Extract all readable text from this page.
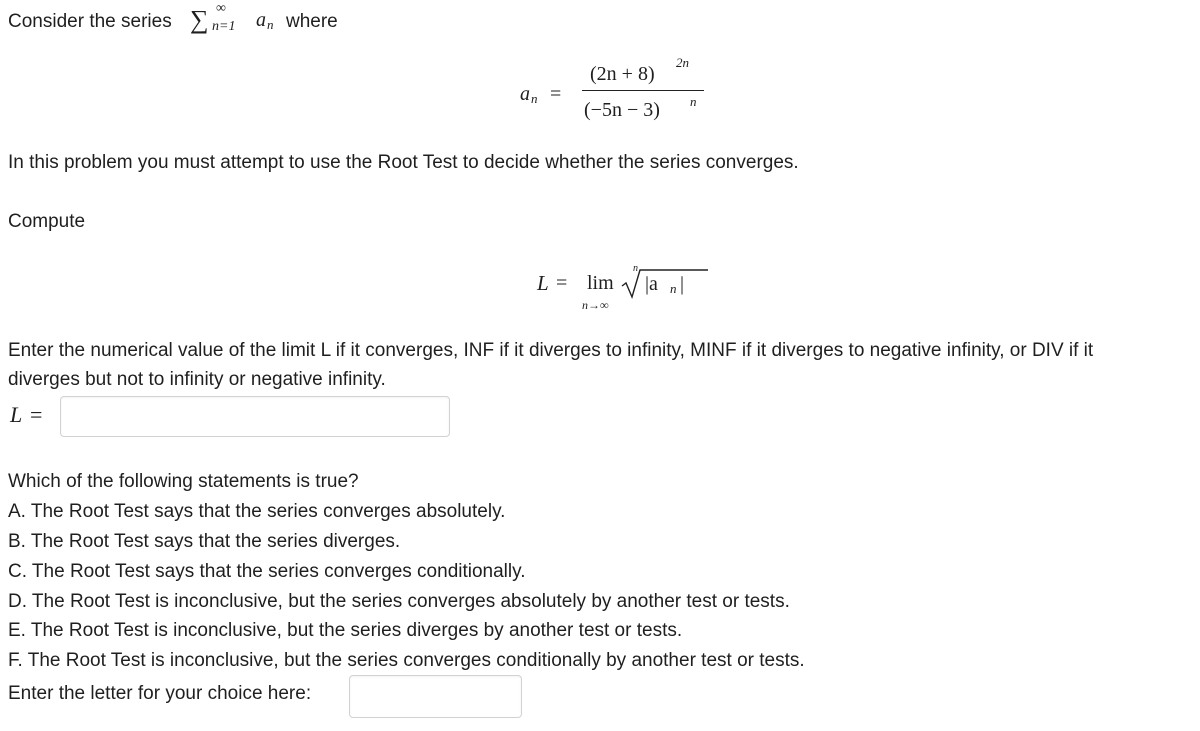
Consider the series ∑ ∞
n=1 a n where
a n =
(2n + 8)
2n
(−5n − 3) n
In this problem you must attempt to use the Root Test to decide whether the series converges.
Compute
L = lim
n→∞
n
|a n |
Enter the numerical value of the limit L if it converges, INF if it diverges to infinity, MINF if it diverges to negative infinity, or DIV if it
diverges but not to infinity or negative infinity.
L =
Which of the following statements is true?
A. The Root Test says that the series converges absolutely.
B. The Root Test says that the series diverges.
C. The Root Test says that the series converges conditionally.
D. The Root Test is inconclusive, but the series converges absolutely by another test or tests.
E. The Root Test is inconclusive, but the series diverges by another test or tests.
F. The Root Test is inconclusive, but the series converges conditionally by another test or tests.
Enter the letter for your choice here:
